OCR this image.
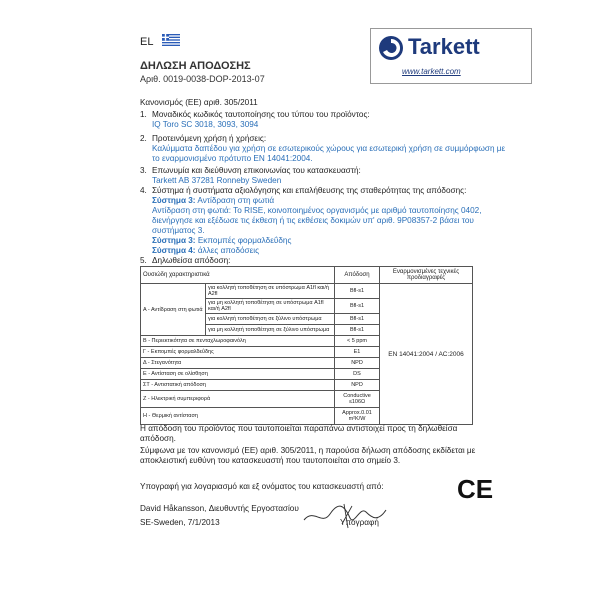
EL
ΔΗΛΩΣΗ ΑΠΟΔΟΣΗΣ
Αριθ. 0019-0038-DOP-2013-07
Tarkett
www.tarkett.com
Κανονισμός (ΕΕ) αριθ. 305/2011
1. Μοναδικός κωδικός ταυτοποίησης του τύπου του προϊόντος:
IQ Toro SC 3018, 3093, 3094
2. Προτεινόμενη χρήση ή χρήσεις:
Καλύμματα δαπέδου για χρήση σε εσωτερικούς χώρους για εσωτερική χρήση σε συμμόρφωση με
το εναρμονισμένο πρότυπο EN 14041:2004.
3. Επωνυμία και διεύθυνση επικοινωνίας του κατασκευαστή:
Tarkett AB 37281 Ronneby Sweden
4. Σύστημα ή συστήματα αξιολόγησης και επαλήθευσης της σταθερότητας της απόδοσης:
Σύστημα 3: Αντίδραση στη φωτιά
Αντίδραση στη φωτιά: Το RISE, κοινοποιημένος οργανισμός με αριθμό ταυτοποίησης 0402,
διενήργησε και εξέδωσε τις έκθεση ή τις εκθέσεις δοκιμών υπ' αριθ. 9P08357-2 βάσει του
συστήματος 3.
Σύστημα 3: Εκπομπές φορμαλδεΰδης
Σύστημα 4: άλλες αποδόσεις
5. Δηλωθείσα απόδοση:
Ουσιώδη χαρακτηριστικά		Απόδοση	Εναρμονισμένες τεχνικές προδιαγραφές
Α - Αντίδραση στη φωτιά	για κολλητή τοποθέτηση σε υπόστρωμα A1fl και/ή A2fl	Bfl-s1	EN 14041:2004 / AC:2006
	για μη κολλητή τοποθέτηση σε υπόστρωμα A1fl και/ή A2fl	Bfl-s1	
	για κολλητή τοποθέτηση σε ξύλινο υπόστρωμα	Bfl-s1	
	για μη κολλητή τοποθέτηση σε ξύλινο υπόστρωμα	Bfl-s1	
Β - Περιεκτικότητα σε πενταχλωροφαινόλη		< 5 ppm	
Γ - Εκπομπές φορμαλδεΰδης		E1	
Δ - Στεγανότητα		NPD	
Ε - Αντίσταση σε ολίσθηση		DS	
ΣΤ - Αντιστατική απόδοση		NPD	
Ζ - Ηλεκτρική συμπεριφορά		Conductive ≤106Ω	
Η - Θερμική αντίσταση		Approx.0.01 m²K/W	
Η απόδοση του προϊόντος που ταυτοποιείται παραπάνω αντιστοιχεί προς τη δηλωθείσα
απόδοση.
Σύμφωνα με τον κανονισμό (ΕΕ) αριθ. 305/2011, η παρούσα δήλωση απόδοσης εκδίδεται με
αποκλειστική ευθύνη του κατασκευαστή που ταυτοποιείται στο σημείο 3.
Υπογραφή για λογαριασμό και εξ ονόματος του κατασκευαστή από:
David Håkansson, Διευθυντής Εργοστασίου
SE-Sweden, 7/1/2013	Υπογραφή
CE
